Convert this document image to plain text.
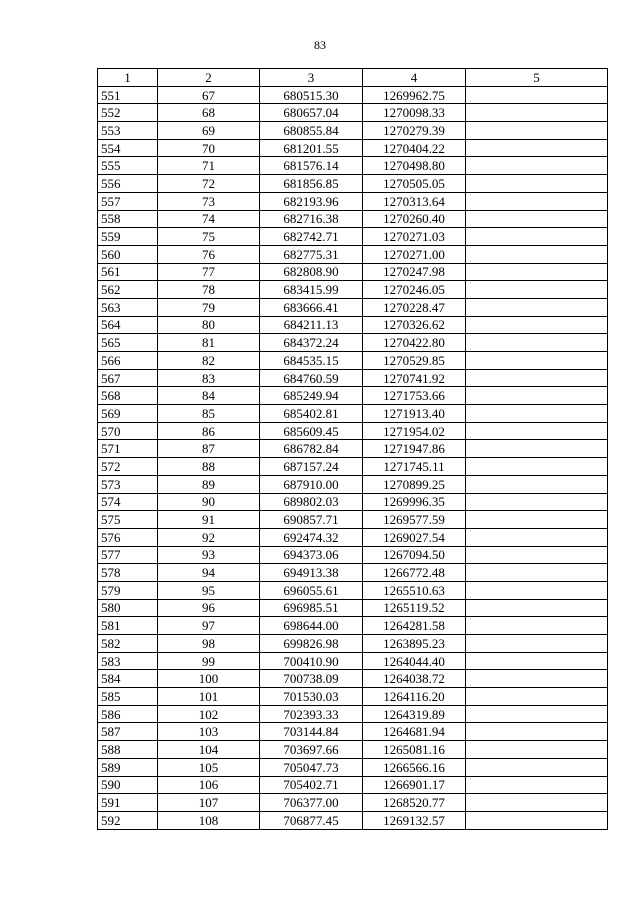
83
1	2	3	4	5
551	67	680515.30	1269962.75	
552	68	680657.04	1270098.33	
553	69	680855.84	1270279.39	
554	70	681201.55	1270404.22	
555	71	681576.14	1270498.80	
556	72	681856.85	1270505.05	
557	73	682193.96	1270313.64	
558	74	682716.38	1270260.40	
559	75	682742.71	1270271.03	
560	76	682775.31	1270271.00	
561	77	682808.90	1270247.98	
562	78	683415.99	1270246.05	
563	79	683666.41	1270228.47	
564	80	684211.13	1270326.62	
565	81	684372.24	1270422.80	
566	82	684535.15	1270529.85	
567	83	684760.59	1270741.92	
568	84	685249.94	1271753.66	
569	85	685402.81	1271913.40	
570	86	685609.45	1271954.02	
571	87	686782.84	1271947.86	
572	88	687157.24	1271745.11	
573	89	687910.00	1270899.25	
574	90	689802.03	1269996.35	
575	91	690857.71	1269577.59	
576	92	692474.32	1269027.54	
577	93	694373.06	1267094.50	
578	94	694913.38	1266772.48	
579	95	696055.61	1265510.63	
580	96	696985.51	1265119.52	
581	97	698644.00	1264281.58	
582	98	699826.98	1263895.23	
583	99	700410.90	1264044.40	
584	100	700738.09	1264038.72	
585	101	701530.03	1264116.20	
586	102	702393.33	1264319.89	
587	103	703144.84	1264681.94	
588	104	703697.66	1265081.16	
589	105	705047.73	1266566.16	
590	106	705402.71	1266901.17	
591	107	706377.00	1268520.77	
592	108	706877.45	1269132.57	
